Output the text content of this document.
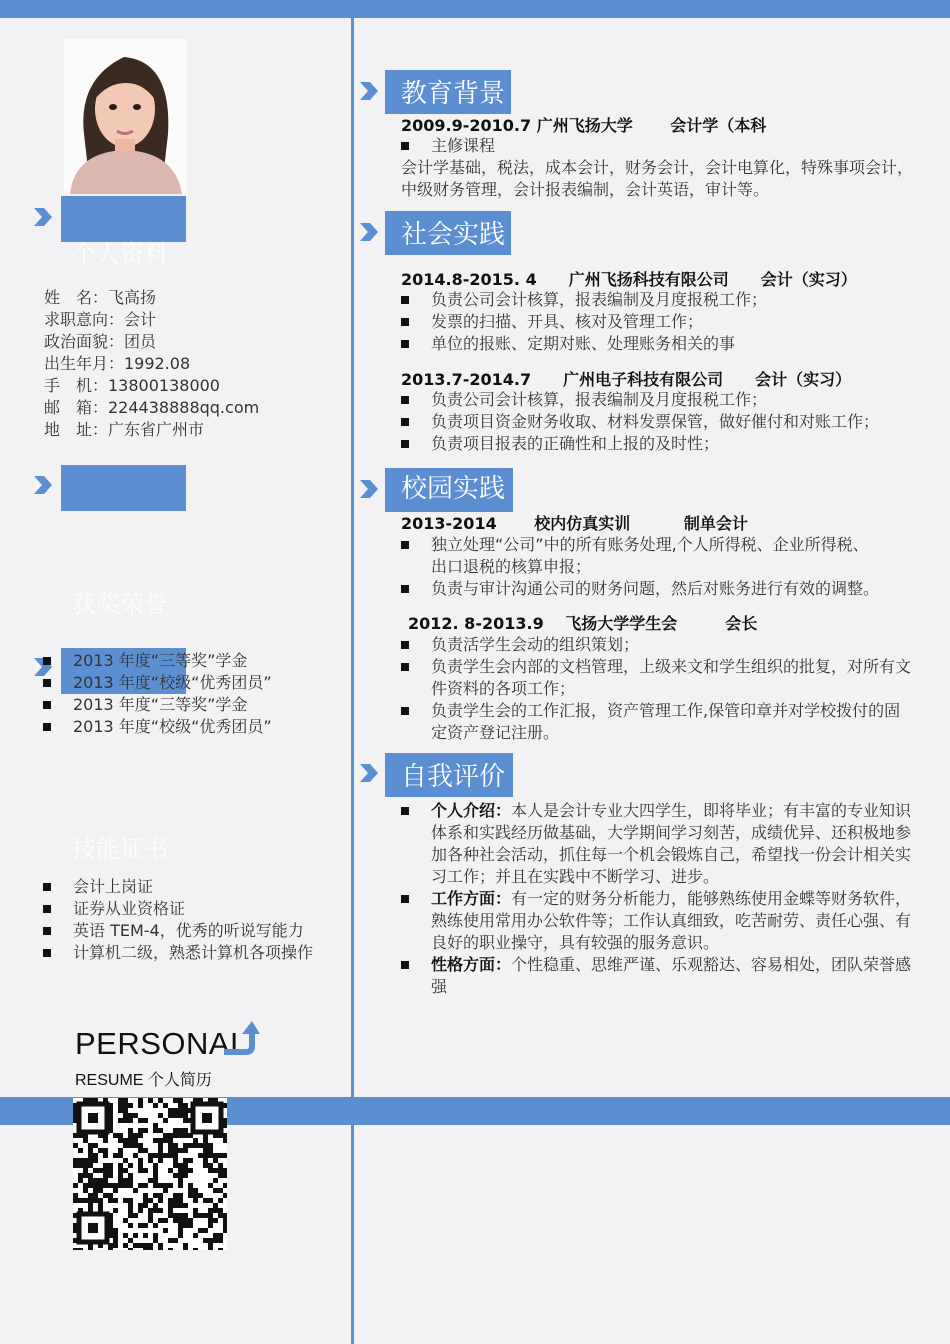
个人资料
姓　名：飞高扬
求职意向：会计
政治面貌：团员
出生年月：1992.08
手　机：13800138000
邮　箱：224438888qq.com
地　址：广东省广州市
获奖荣誉
2013 年度“三等奖”学金
2013 年度“校级“优秀团员”
2013 年度“三等奖”学金
2013 年度“校级“优秀团员”
技能证书
会计上岗证
证券从业资格证
英语 TEM-4，优秀的听说写能力
计算机二级，熟悉计算机各项操作
PERSONAL
RESUME 个人简历
教育背景
2009.9-2010.7 广州飞扬大学　　 会计学（本科
主修课程
会计学基础，税法，成本会计，财务会计，会计电算化，特殊事项会计，中级财务管理，会计报表编制，会计英语，审计等。
社会实践
2014.8-2015. 4　　广州飞扬科技有限公司　　会计（实习）
负责公司会计核算，报表编制及月度报税工作；
发票的扫描、开具、核对及管理工作；
单位的报账、定期对账、处理账务相关的事
2013.7-2014.7　　广州电子科技有限公司　　会计（实习）
负责公司会计核算，报表编制及月度报税工作；
负责项目资金财务收取、材料发票保管，做好催付和对账工作；
负责项目报表的正确性和上报的及时性；
校园实践
2013-2014　　 校内仿真实训　　　 制单会计
独立处理“公司”中的所有账务处理,个人所得税、企业所得税、出口退税的核算申报；
负责与审计沟通公司的财务问题，然后对账务进行有效的调整。
2012. 8-2013.9　 飞扬大学学生会　　　会长
负责活学生会动的组织策划；
负责学生会内部的文档管理，上级来文和学生组织的批复，对所有文件资料的各项工作；
负责学生会的工作汇报，资产管理工作,保管印章并对学校拨付的固定资产登记注册。
自我评价
个人介绍：本人是会计专业大四学生，即将毕业；有丰富的专业知识体系和实践经历做基础，大学期间学习刻苦，成绩优异、还积极地参加各种社会活动，抓住每一个机会锻炼自己，希望找一份会计相关实习工作；并且在实践中不断学习、进步。
工作方面：有一定的财务分析能力，能够熟练使用金蝶等财务软件，熟练使用常用办公软件等；工作认真细致，吃苦耐劳、责任心强、有良好的职业操守，具有较强的服务意识。
性格方面：个性稳重、思维严谨、乐观豁达、容易相处，团队荣誉感强
